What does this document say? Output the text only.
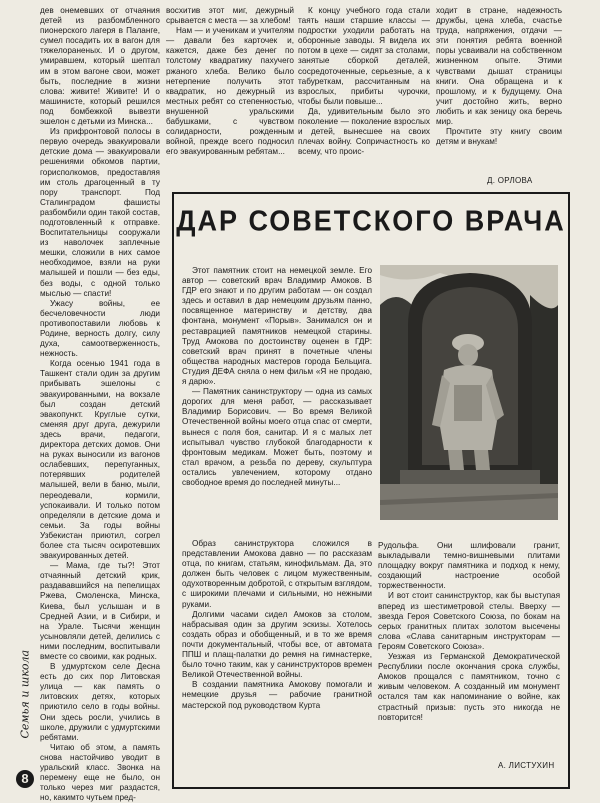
дев онемевших от отчаяния детей из разбомбленного пионерского лагеря в Паланге, сумел посадить их в вагон для тяжелораненых. И о другом, умиравшем, который шептал им в этом вагоне свои, может быть, последние в жизни слова: живите! Живите! И о машинисте, который решился под бомбежкой вывезти эшелон с детьми из Минска...

Из прифронтовой полосы в первую очередь эвакуировали детские дома — эвакуировали решениями обкомов партии, горисполкомов, предоставляя им столь драгоценный в ту пору транспорт. Под Сталинградом фашисты разбомбили один такой состав, подготовленный к отправке. Воспитательницы сооружали из наволочек заплечные мешки, сложили в них самое необходимое, взяли на руки малышей и пошли — без еды, без воды, с одной только мыслью — спасти!

Ужасу войны, ее бесчеловечности люди противопоставили любовь к Родине, верность долгу, силу духа, самоотверженность, нежность.

Когда осенью 1941 года в Ташкент стали один за другим прибывать эшелоны с эвакуированными, на вокзале был создан детский эвакопункт. Круглые сутки, сменяя друг друга, дежурили здесь врачи, педагоги, директора детских домов. Они на руках выносили из вагонов ослабевших, перепуганных, потерявших родителей малышей, вели в баню, мыли, переодевали, кормили, успокаивали. И только потом определяли в детские дома и семьи. За годы войны Узбекистан приютил, согрел более ста тысяч осиротевших эвакуированных детей.

— Мама, где ты?! Этот отчаянный детский крик, раздававшийся на пепелищах Ржева, Смоленска, Минска, Киева, был услышан и в Средней Азии, и в Сибири, и на Урале. Тысячи женщин усыновляли детей, делились с ними последним, воспитывали вместе со своими, как родных.

В удмуртском селе Десна есть до сих пор Литовская улица — как память о литовских детях, которых приютило село в годы войны. Они здесь росли, учились в школе, дружили с удмуртскими ребятами.

Читаю об этом, а память снова настойчиво уводит в уральский класс. Звонка на перемену еще не было, он только через миг раздастся, но, какимто чутьем пред-

восхитив этот миг, дежурный срывается с места — за хлебом!

Нам — и ученикам и учителям — давали без карточек и, кажется, даже без денег по толстому квадратику пахучего ржаного хлеба. Велико было нетерпение получить этот квадратик, но дежурный из местных ребят со степенностью, внушенной уральскими бабушками, с чувством солидарности, рожденным войной, прежде всего подносил его эвакуированным ребятам...

К концу учебного года стали таять наши старшие классы — подростки уходили работать на оборонные заводы. Я видела их потом в цехе — сидят за столами, занятые сборкой деталей, сосредоточенные, серьезные, а к табуреткам, рассчитанным на взрослых, прибиты чурочки, чтобы были повыше...

Да, удивительным было это поколение — поколение взрослых и детей, вынесшее на своих плечах войну. Сопричастность ко всему, что проис-

ходит в стране, надежность дружбы, цена хлеба, счастье труда, напряжения, отдачи — эти понятия ребята военной поры усваивали на собственном жизненном опыте. Этими чувствами дышат страницы книги. Она обращена и к прошлому, и к будущему. Она учит достойно жить, верно любить и как зеницу ока беречь мир.

Прочтите эту книгу своим детям и внукам!

Д. ОРЛОВА
ДАР СОВЕТСКОГО ВРАЧА

Этот памятник стоит на немецкой земле. Его автор — советский врач Владимир Амоков. В ГДР его знают и по другим работам — он создал здесь и оставил в дар немецким друзьям панно, посвященное материнству и детству, два фонтана, монумент «Порыв». Занимался он и реставрацией памятников немецкой старины. Труд Амокова по достоинству оценен в ГДР: советский врач принят в почетные члены общества народных мастеров города Бельцига. Студия ДЕФА сняла о нем фильм «Я не продаю, я дарю».

— Памятник санинструктору — одна из самых дорогих для меня работ, — рассказывает Владимир Борисович. — Во время Великой Отечественной войны моего отца спас от смерти, вынеся с поля боя, санитар. И я с малых лет испытывал чувство глубокой благодарности к фронтовым медикам. Может быть, поэтому и стал врачом, а резьба по дереву, скульптура остались увлечением, которому отдано свободное время до последней минуты...

Образ санинструктора сложился в представлении Амокова давно — по рассказам отца, по книгам, статьям, кинофильмам. Да, это должен быть человек с лицом мужественным, одухотворенным добротой, с открытым взглядом, с широкими плечами и сильными, но нежными руками.

Долгими часами сидел Амоков за столом, набрасывая один за другим эскизы. Хотелось создать образ и обобщенный, и в то же время почти документальный, чтобы все, от автомата ППШ и плащ-палатки до ремня на гимнастерке, было точно таким, как у санинструкторов времен Великой Отечественной войны.

В создании памятника Амокову помогали и немецкие друзья — рабочие гранитной мастерской под руководством Курта

Рудольфа. Они шлифовали гранит, выкладывали темно-вишневыми плитами площадку вокруг памятника и подход к нему, создающий настроение особой торжественности.

И вот стоит санинструктор, как бы выступая вперед из шестиметровой стелы. Вверху — звезда Героя Советского Союза, по бокам на серых гранитных плитах золотом высечены слова «Слава санитарным инструкторам — Героям Советского Союза».

Уезжая из Германской Демократической Республики после окончания срока службы, Амоков прощался с памятником, точно с живым человеком. А созданный им монумент остался там как напоминание о войне, как страстный призыв: пусть это никогда не повторится!

А. ЛИСТУХИН
Семья и школа
8
